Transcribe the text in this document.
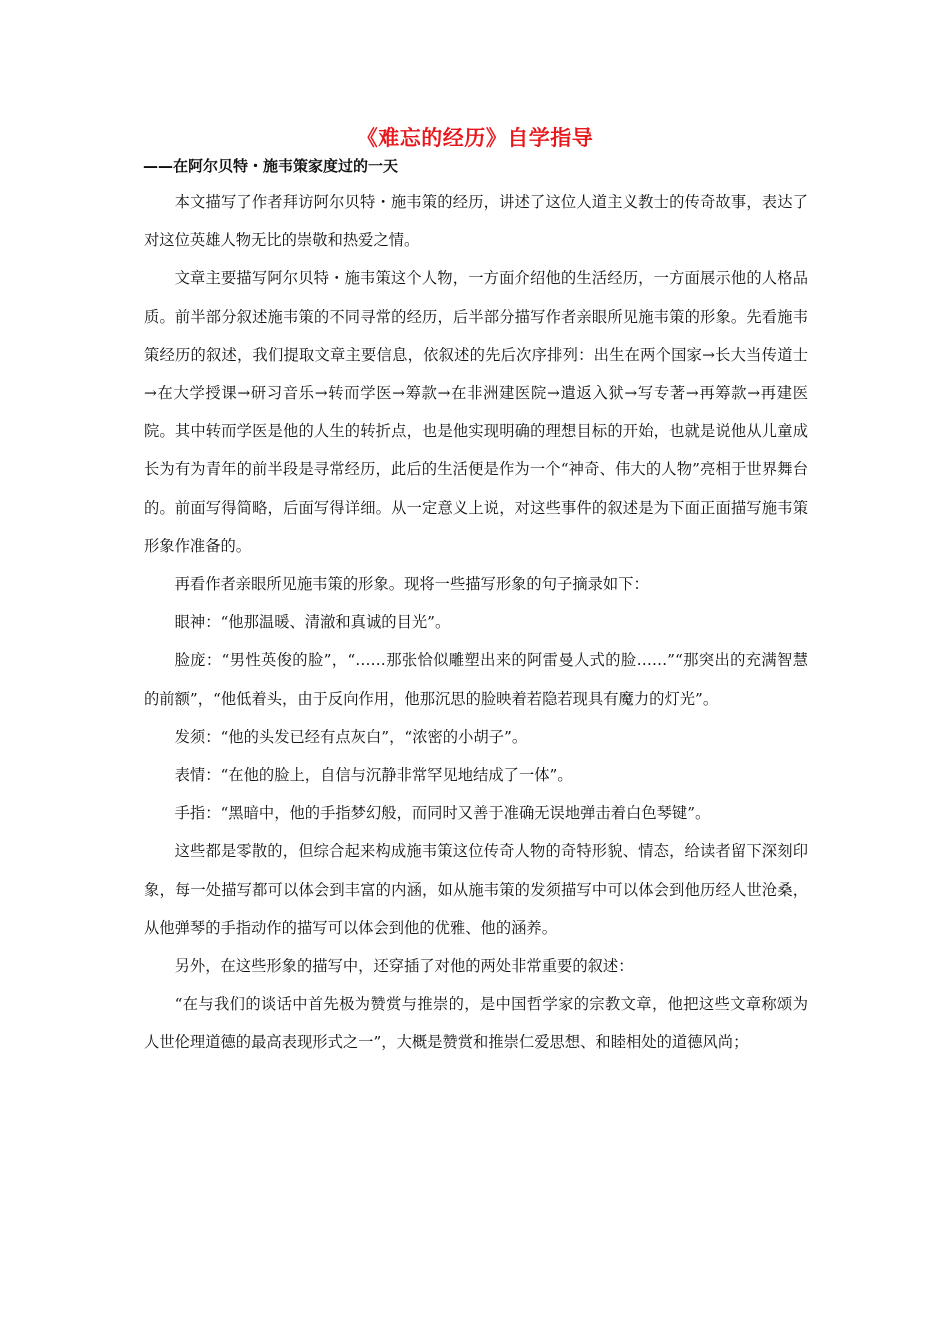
《难忘的经历》自学指导
——在阿尔贝特・施韦策家度过的一天

本文描写了作者拜访阿尔贝特・施韦策的经历，讲述了这位人道主义教士的传奇故事，表达了对这位英雄人物无比的崇敬和热爱之情。

文章主要描写阿尔贝特・施韦策这个人物，一方面介绍他的生活经历，一方面展示他的人格品质。前半部分叙述施韦策的不同寻常的经历，后半部分描写作者亲眼所见施韦策的形象。先看施韦策经历的叙述，我们提取文章主要信息，依叙述的先后次序排列：出生在两个国家→长大当传道士→在大学授课→研习音乐→转而学医→筹款→在非洲建医院→遣返入狱→写专著→再筹款→再建医院。其中转而学医是他的人生的转折点，也是他实现明确的理想目标的开始，也就是说他从儿童成长为有为青年的前半段是寻常经历，此后的生活便是作为一个“神奇、伟大的人物”亮相于世界舞台的。前面写得简略，后面写得详细。从一定意义上说，对这些事件的叙述是为下面正面描写施韦策形象作准备的。

再看作者亲眼所见施韦策的形象。现将一些描写形象的句子摘录如下：

眼神：“他那温暖、清澈和真诚的目光”。

脸庞：“男性英俊的脸”，“……那张恰似雕塑出来的阿雷曼人式的脸……”“那突出的充满智慧的前额”，“他低着头，由于反向作用，他那沉思的脸映着若隐若现具有魔力的灯光”。

发须：“他的头发已经有点灰白”，“浓密的小胡子”。

表情：“在他的脸上，自信与沉静非常罕见地结成了一体”。

手指：“黑暗中，他的手指梦幻般，而同时又善于准确无误地弹击着白色琴键”。

这些都是零散的，但综合起来构成施韦策这位传奇人物的奇特形貌、情态，给读者留下深刻印象，每一处描写都可以体会到丰富的内涵，如从施韦策的发须描写中可以体会到他历经人世沧桑，从他弹琴的手指动作的描写可以体会到他的优雅、他的涵养。

另外，在这些形象的描写中，还穿插了对他的两处非常重要的叙述：

“在与我们的谈话中首先极为赞赏与推崇的，是中国哲学家的宗教文章，他把这些文章称颂为人世伦理道德的最高表现形式之一”，大概是赞赏和推崇仁爱思想、和睦相处的道德风尚；
